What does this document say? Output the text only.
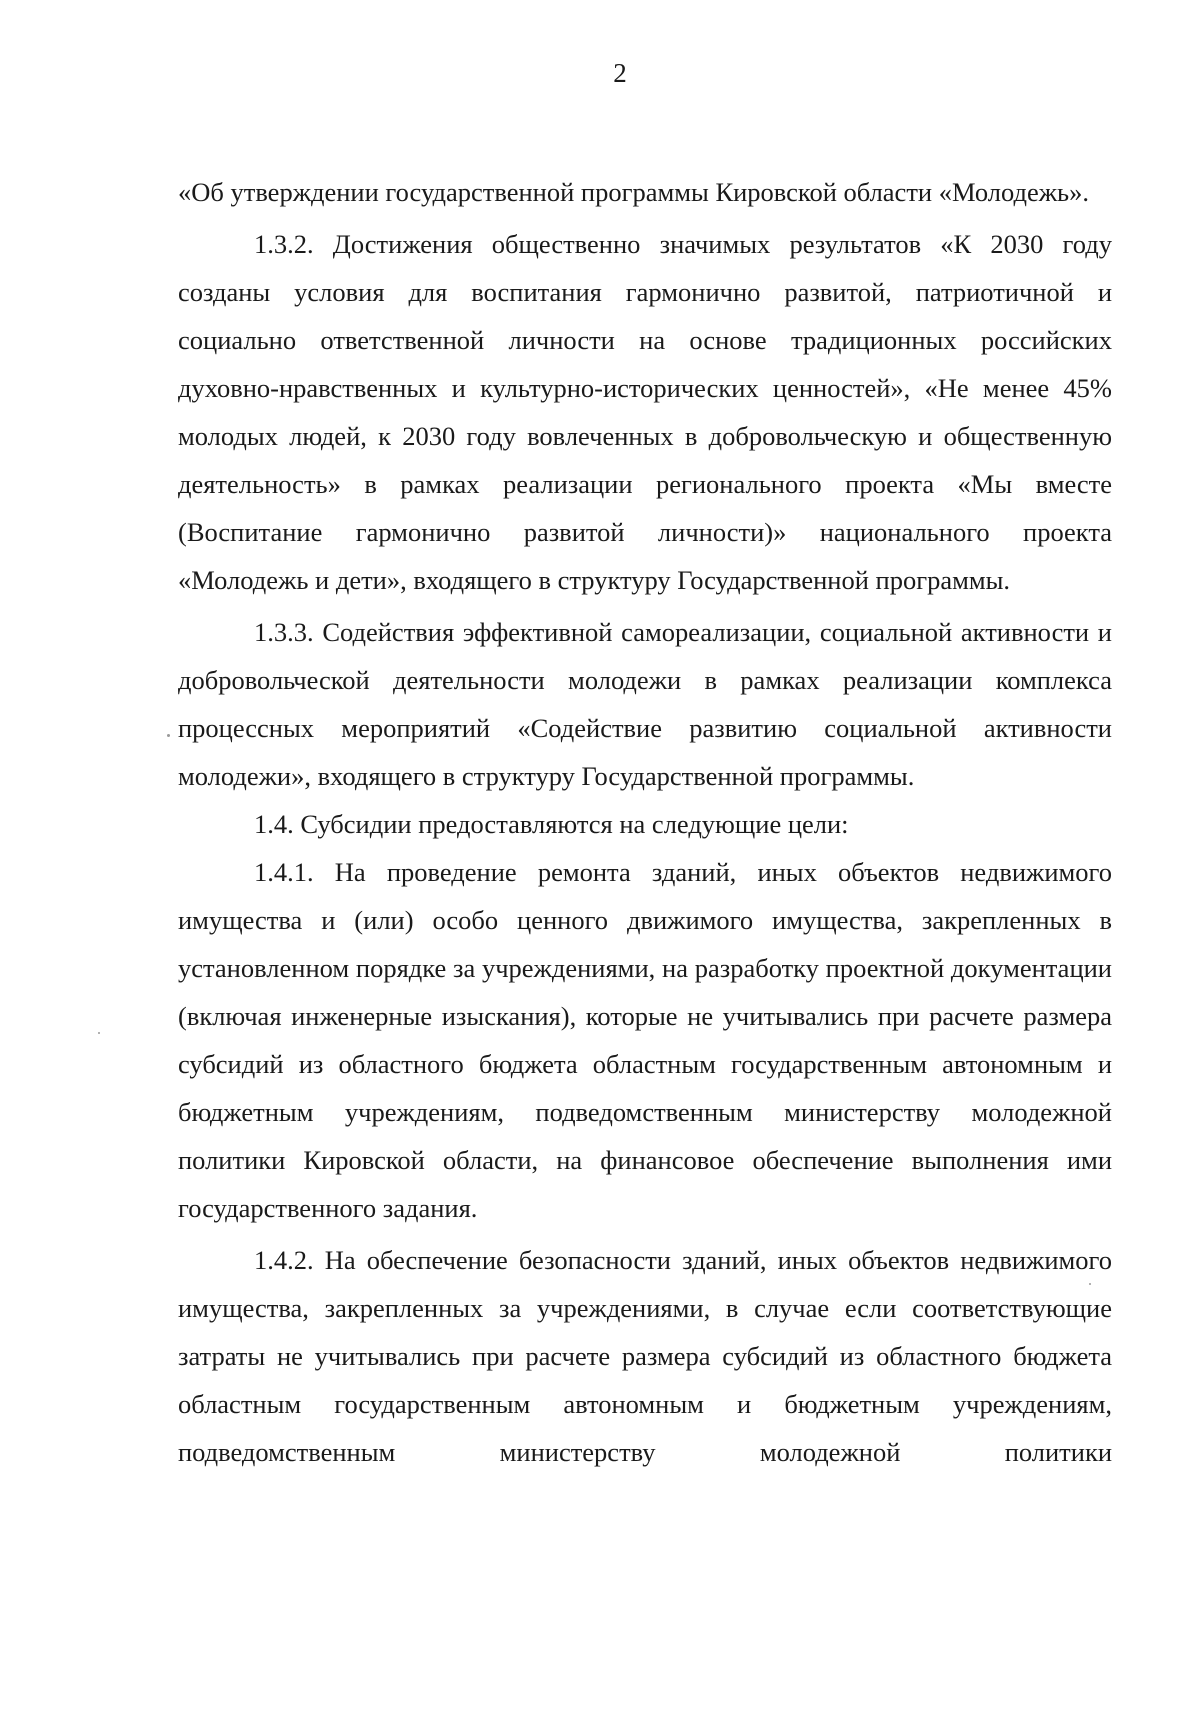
2

«Об утверждении государственной программы Кировской области «Молодежь».

1.3.2. Достижения общественно значимых результатов «К 2030 году созданы условия для воспитания гармонично развитой, патриотичной и социально ответственной личности на основе традиционных российских духовно-нравственных и культурно-исторических ценностей», «Не менее 45% молодых людей, к 2030 году вовлеченных в добровольческую и общественную деятельность» в рамках реализации регионального проекта «Мы вместе (Воспитание гармонично развитой личности)» национального проекта «Молодежь и дети», входящего в структуру Государственной программы.

1.3.3. Содействия эффективной самореализации, социальной активности и добровольческой деятельности молодежи в рамках реализации комплекса процессных мероприятий «Содействие развитию социальной активности молодежи», входящего в структуру Государственной программы.

1.4. Субсидии предоставляются на следующие цели:

1.4.1. На проведение ремонта зданий, иных объектов недвижимого имущества и (или) особо ценного движимого имущества, закрепленных в установленном порядке за учреждениями, на разработку проектной документации (включая инженерные изыскания), которые не учитывались при расчете размера субсидий из областного бюджета областным государственным автономным и бюджетным учреждениям, подведомственным министерству молодежной политики Кировской области, на финансовое обеспечение выполнения ими государственного задания.

1.4.2. На обеспечение безопасности зданий, иных объектов недвижимого имущества, закрепленных за учреждениями, в случае если соответствующие затраты не учитывались при расчете размера субсидий из областного бюджета областным государственным автономным и бюджетным учреждениям, подведомственным министерству молодежной политики
